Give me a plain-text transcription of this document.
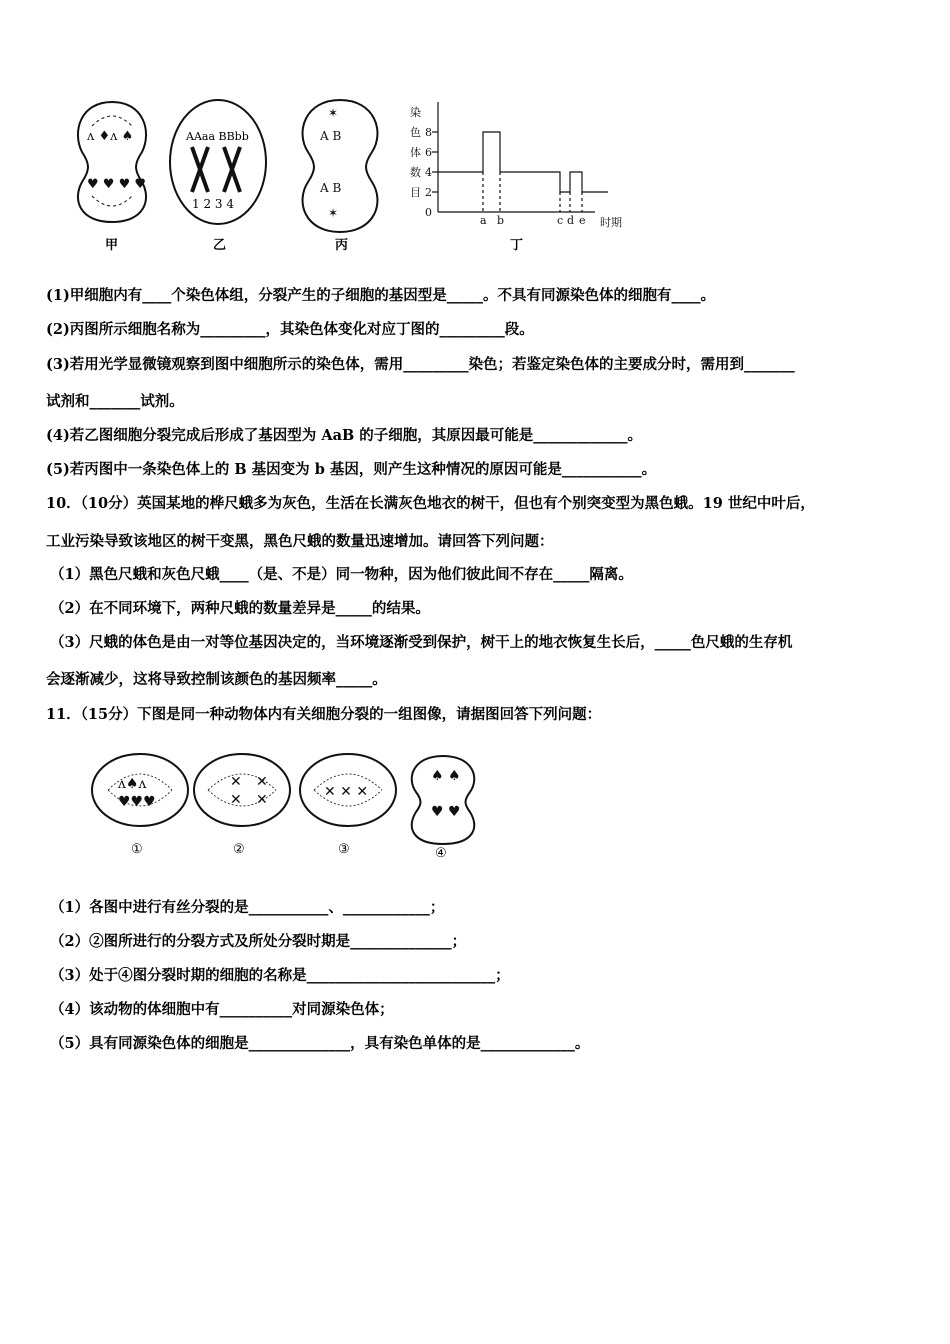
ᴧ ♦ᴧ ♠
♥ ♥ ♥ ♥
AAaa BBbb
1 2 3 4
✶
A B
A B
✶
染
色
体
数
目
8
6
4
2
0
a b	c d e 时期
甲	乙	丙	丁
(1)甲细胞内有____个染色体组，分裂产生的子细胞的基因型是_____。不具有同源染色体的细胞有____。
(2)丙图所示细胞名称为_________，其染色体变化对应丁图的_________段。
(3)若用光学显微镜观察到图中细胞所示的染色体，需用_________染色；若鉴定染色体的主要成分时，需用到_______
试剂和_______试剂。
(4)若乙图细胞分裂完成后形成了基因型为 AaB 的子细胞，其原因最可能是_____________。
(5)若丙图中一条染色体上的 B 基因变为 b 基因，则产生这种情况的原因可能是___________。
10．（10分）英国某地的桦尺蛾多为灰色，生活在长满灰色地衣的树干，但也有个别突变型为黑色蛾。19 世纪中叶后，
工业污染导致该地区的树干变黑，黑色尺蛾的数量迅速增加。请回答下列问题：
（1）黑色尺蛾和灰色尺蛾____（是、不是）同一物种，因为他们彼此间不存在_____隔离。
（2）在不同环境下，两种尺蛾的数量差异是_____的结果。
（3）尺蛾的体色是由一对等位基因决定的，当环境逐渐受到保护，树干上的地衣恢复生长后，_____色尺蛾的生存机
会逐渐减少，这将导致控制该颜色的基因频率_____。
11．（15分）下图是同一种动物体内有关细胞分裂的一组图像，请据图回答下列问题：
ᴧ♠ᴧ
♥♥♥
✕
✕
✕
✕	✕ ✕ ✕
♠ ♠
♥ ♥
①	②	③	④
（1）各图中进行有丝分裂的是___________、____________；
（2）②图所进行的分裂方式及所处分裂时期是______________；
（3）处于④图分裂时期的细胞的名称是__________________________；
（4）该动物的体细胞中有__________对同源染色体；
（5）具有同源染色体的细胞是______________，具有染色单体的是_____________。
